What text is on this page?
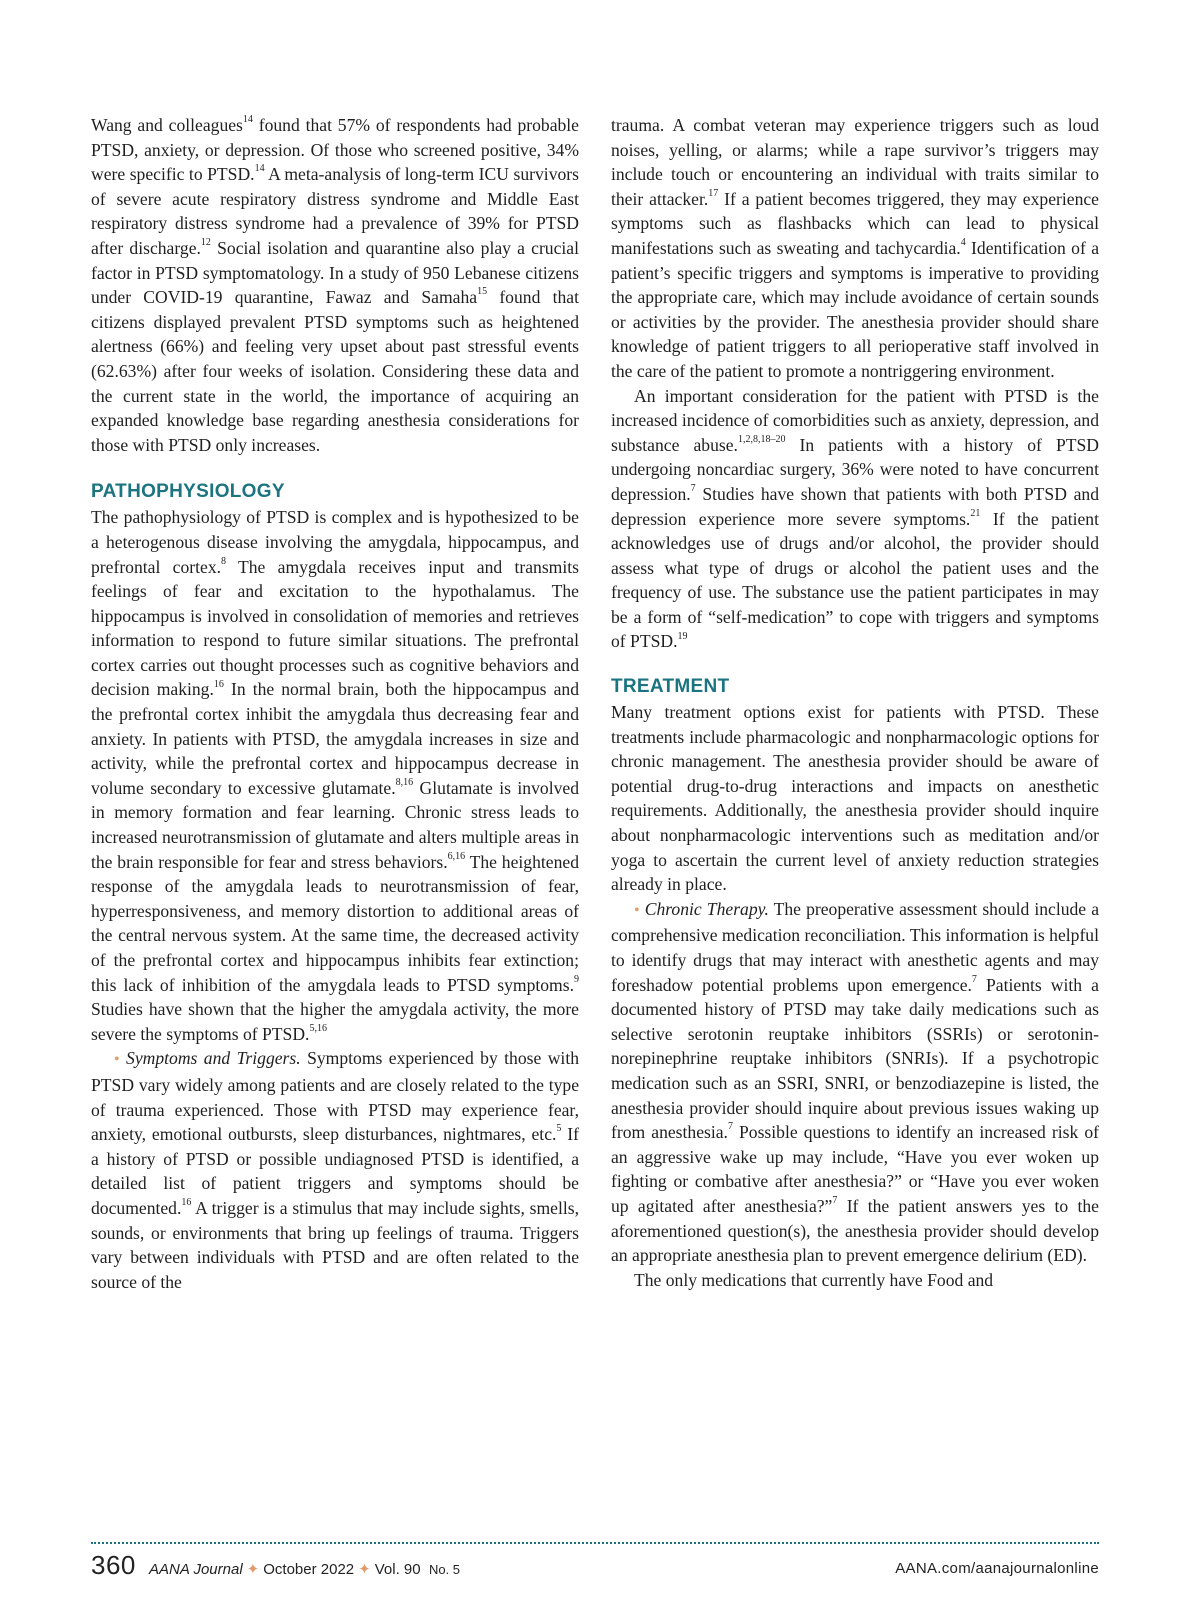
Wang and colleagues$^{14}$ found that 57% of respondents had probable PTSD, anxiety, or depression. Of those who screened positive, 34% were specific to PTSD.$^{14}$ A meta-analysis of long-term ICU survivors of severe acute respiratory distress syndrome and Middle East respiratory distress syndrome had a prevalence of 39% for PTSD after discharge.$^{12}$ Social isolation and quarantine also play a crucial factor in PTSD symptomatology. In a study of 950 Lebanese citizens under COVID-19 quarantine, Fawaz and Samaha$^{15}$ found that citizens displayed prevalent PTSD symptoms such as heightened alertness (66%) and feeling very upset about past stressful events (62.63%) after four weeks of isolation. Considering these data and the current state in the world, the importance of acquiring an expanded knowledge base regarding anesthesia considerations for those with PTSD only increases.

PATHOPHYSIOLOGY

The pathophysiology of PTSD is complex and is hypothesized to be a heterogenous disease involving the amygdala, hippocampus, and prefrontal cortex.$^8$ The amygdala receives input and transmits feelings of fear and excitation to the hypothalamus. The hippocampus is involved in consolidation of memories and retrieves information to respond to future similar situations. The prefrontal cortex carries out thought processes such as cognitive behaviors and decision making.$^{16}$ In the normal brain, both the hippocampus and the prefrontal cortex inhibit the amygdala thus decreasing fear and anxiety. In patients with PTSD, the amygdala increases in size and activity, while the prefrontal cortex and hippocampus decrease in volume secondary to excessive glutamate.$^{8,16}$ Glutamate is involved in memory formation and fear learning. Chronic stress leads to increased neurotransmission of glutamate and alters multiple areas in the brain responsible for fear and stress behaviors.$^{6,16}$ The heightened response of the amygdala leads to neurotransmission of fear, hyperresponsiveness, and memory distortion to additional areas of the central nervous system. At the same time, the decreased activity of the prefrontal cortex and hippocampus inhibits fear extinction; this lack of inhibition of the amygdala leads to PTSD symptoms.$^9$ Studies have shown that the higher the amygdala activity, the more severe the symptoms of PTSD.$^{5,16}$

• Symptoms and Triggers. Symptoms experienced by those with PTSD vary widely among patients and are closely related to the type of trauma experienced. Those with PTSD may experience fear, anxiety, emotional outbursts, sleep disturbances, nightmares, etc.$^5$ If a history of PTSD or possible undiagnosed PTSD is identified, a detailed list of patient triggers and symptoms should be documented.$^{16}$ A trigger is a stimulus that may include sights, smells, sounds, or environments that bring up feelings of trauma. Triggers vary between individuals with PTSD and are often related to the source of the

trauma. A combat veteran may experience triggers such as loud noises, yelling, or alarms; while a rape survivor’s triggers may include touch or encountering an individual with traits similar to their attacker.$^{17}$ If a patient becomes triggered, they may experience symptoms such as flashbacks which can lead to physical manifestations such as sweating and tachycardia.$^4$ Identification of a patient’s specific triggers and symptoms is imperative to providing the appropriate care, which may include avoidance of certain sounds or activities by the provider. The anesthesia provider should share knowledge of patient triggers to all perioperative staff involved in the care of the patient to promote a nontriggering environment.

An important consideration for the patient with PTSD is the increased incidence of comorbidities such as anxiety, depression, and substance abuse.$^{1,2,8,18-20}$ In patients with a history of PTSD undergoing noncardiac surgery, 36% were noted to have concurrent depression.$^7$ Studies have shown that patients with both PTSD and depression experience more severe symptoms.$^{21}$ If the patient acknowledges use of drugs and/or alcohol, the provider should assess what type of drugs or alcohol the patient uses and the frequency of use. The substance use the patient participates in may be a form of “self-medication” to cope with triggers and symptoms of PTSD.$^{19}$

TREATMENT

Many treatment options exist for patients with PTSD. These treatments include pharmacologic and nonpharmacologic options for chronic management. The anesthesia provider should be aware of potential drug-to-drug interactions and impacts on anesthetic requirements. Additionally, the anesthesia provider should inquire about nonpharmacologic interventions such as meditation and/or yoga to ascertain the current level of anxiety reduction strategies already in place.

• Chronic Therapy. The preoperative assessment should include a comprehensive medication reconciliation. This information is helpful to identify drugs that may interact with anesthetic agents and may foreshadow potential problems upon emergence.$^7$ Patients with a documented history of PTSD may take daily medications such as selective serotonin reuptake inhibitors (SSRIs) or serotonin-norepinephrine reuptake inhibitors (SNRIs). If a psychotropic medication such as an SSRI, SNRI, or benzodiazepine is listed, the anesthesia provider should inquire about previous issues waking up from anesthesia.$^7$ Possible questions to identify an increased risk of an aggressive wake up may include, “Have you ever woken up fighting or combative after anesthesia?” or “Have you ever woken up agitated after anesthesia?”$^7$ If the patient answers yes to the aforementioned question(s), the anesthesia provider should develop an appropriate anesthesia plan to prevent emergence delirium (ED).

The only medications that currently have Food and

360 AANA Journal ✦ October 2022 ✦ Vol. 90 No. 5	AANA.com/aanajournalonline
